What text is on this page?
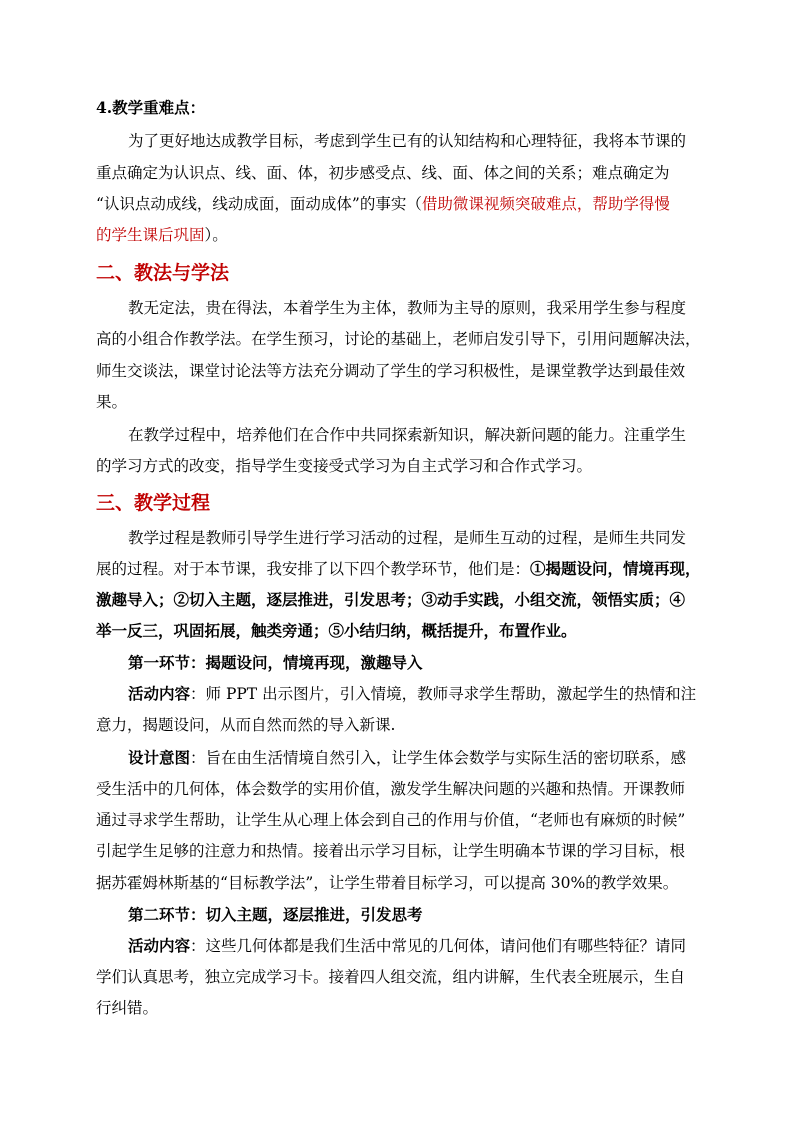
4.教学重难点：

为了更好地达成教学目标，考虑到学生已有的认知结构和心理特征，我将本节课的

重点确定为认识点、线、面、体，初步感受点、线、面、体之间的关系；难点确定为

“认识点动成线，线动成面，面动成体”的事实（借助微课视频突破难点，帮助学得慢

的学生课后巩固）。

二、教法与学法

教无定法，贵在得法，本着学生为主体，教师为主导的原则，我采用学生参与程度

高的小组合作教学法。在学生预习，讨论的基础上，老师启发引导下，引用问题解决法，

师生交谈法，课堂讨论法等方法充分调动了学生的学习积极性，是课堂教学达到最佳效

果。

在教学过程中，培养他们在合作中共同探索新知识，解决新问题的能力。注重学生

的学习方式的改变，指导学生变接受式学习为自主式学习和合作式学习。

三、教学过程

教学过程是教师引导学生进行学习活动的过程，是师生互动的过程，是师生共同发

展的过程。对于本节课，我安排了以下四个教学环节，他们是：①揭题设问，情境再现，

激趣导入；②切入主题，逐层推进，引发思考；③动手实践，小组交流，领悟实质；④

举一反三，巩固拓展，触类旁通；⑤小结归纳，概括提升，布置作业。

第一环节：揭题设问，情境再现，激趣导入

活动内容：师 PPT 出示图片，引入情境，教师寻求学生帮助，激起学生的热情和注

意力，揭题设问，从而自然而然的导入新课.

设计意图：旨在由生活情境自然引入，让学生体会数学与实际生活的密切联系，感

受生活中的几何体，体会数学的实用价值，激发学生解决问题的兴趣和热情。开课教师

通过寻求学生帮助，让学生从心理上体会到自己的作用与价值，“老师也有麻烦的时候”

引起学生足够的注意力和热情。接着出示学习目标，让学生明确本节课的学习目标，根

据苏霍姆林斯基的“目标教学法”，让学生带着目标学习，可以提高 30%的教学效果。

第二环节：切入主题，逐层推进，引发思考

活动内容：这些几何体都是我们生活中常见的几何体，请问他们有哪些特征？请同

学们认真思考，独立完成学习卡。接着四人组交流，组内讲解，生代表全班展示，生自

行纠错。
